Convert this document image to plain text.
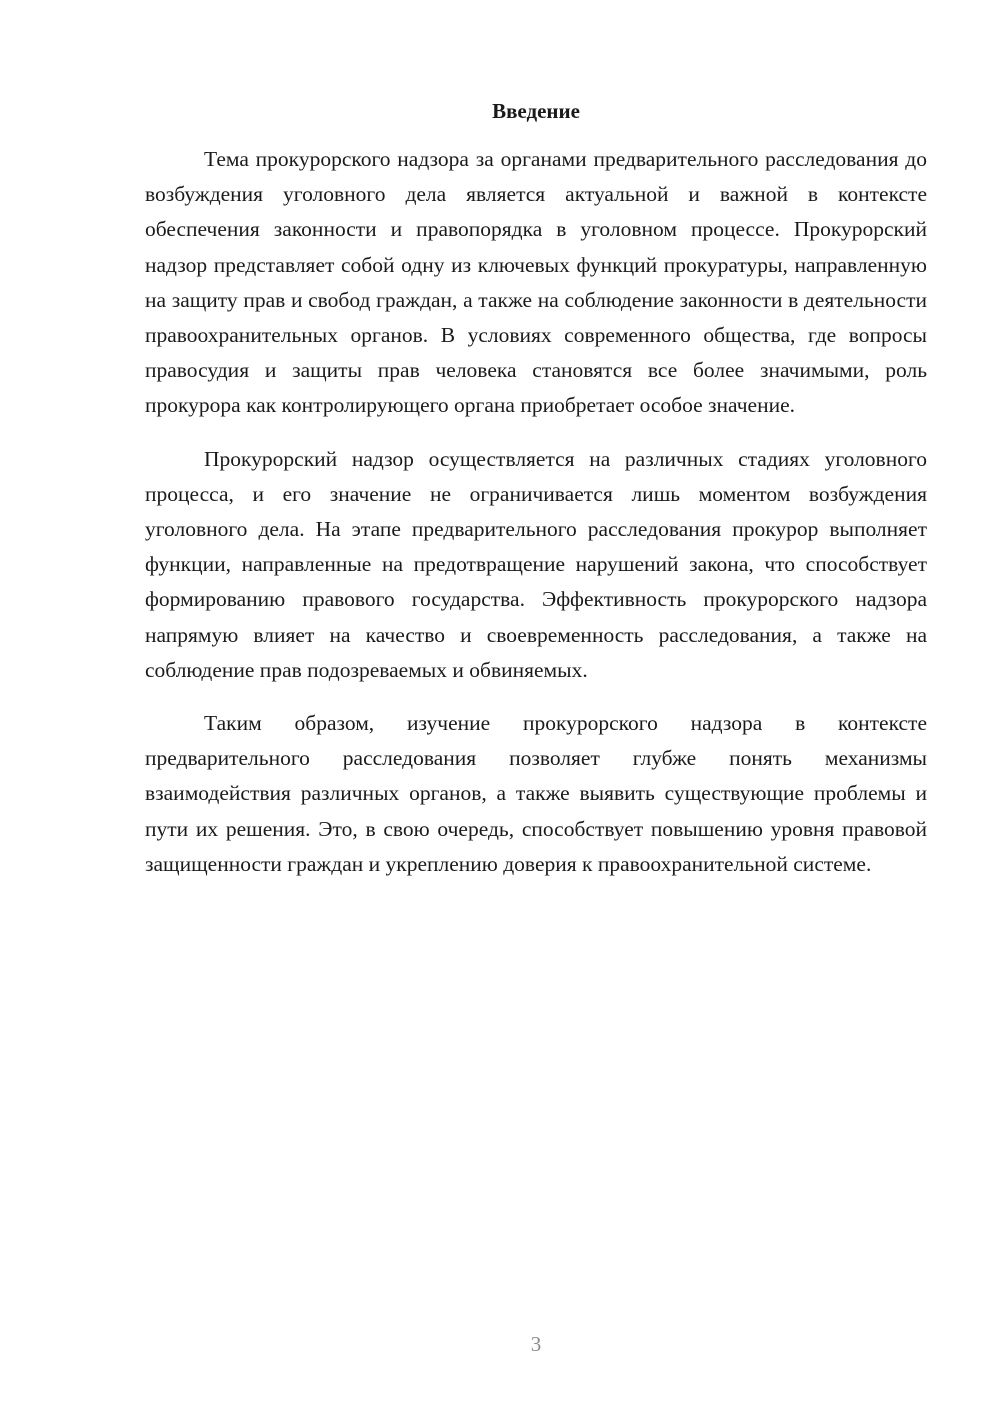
Введение

Тема прокурорского надзора за органами предварительного расследования до возбуждения уголовного дела является актуальной и важной в контексте обеспечения законности и правопорядка в уголовном процессе. Прокурорский надзор представляет собой одну из ключевых функций прокуратуры, направленную на защиту прав и свобод граждан, а также на соблюдение законности в деятельности правоохранительных органов. В условиях современного общества, где вопросы правосудия и защиты прав человека становятся все более значимыми, роль прокурора как контролирующего органа приобретает особое значение.

Прокурорский надзор осуществляется на различных стадиях уголовного процесса, и его значение не ограничивается лишь моментом возбуждения уголовного дела. На этапе предварительного расследования прокурор выполняет функции, направленные на предотвращение нарушений закона, что способствует формированию правового государства. Эффективность прокурорского надзора напрямую влияет на качество и своевременность расследования, а также на соблюдение прав подозреваемых и обвиняемых.

Таким образом, изучение прокурорского надзора в контексте предварительного расследования позволяет глубже понять механизмы взаимодействия различных органов, а также выявить существующие проблемы и пути их решения. Это, в свою очередь, способствует повышению уровня правовой защищенности граждан и укреплению доверия к правоохранительной системе.

3
